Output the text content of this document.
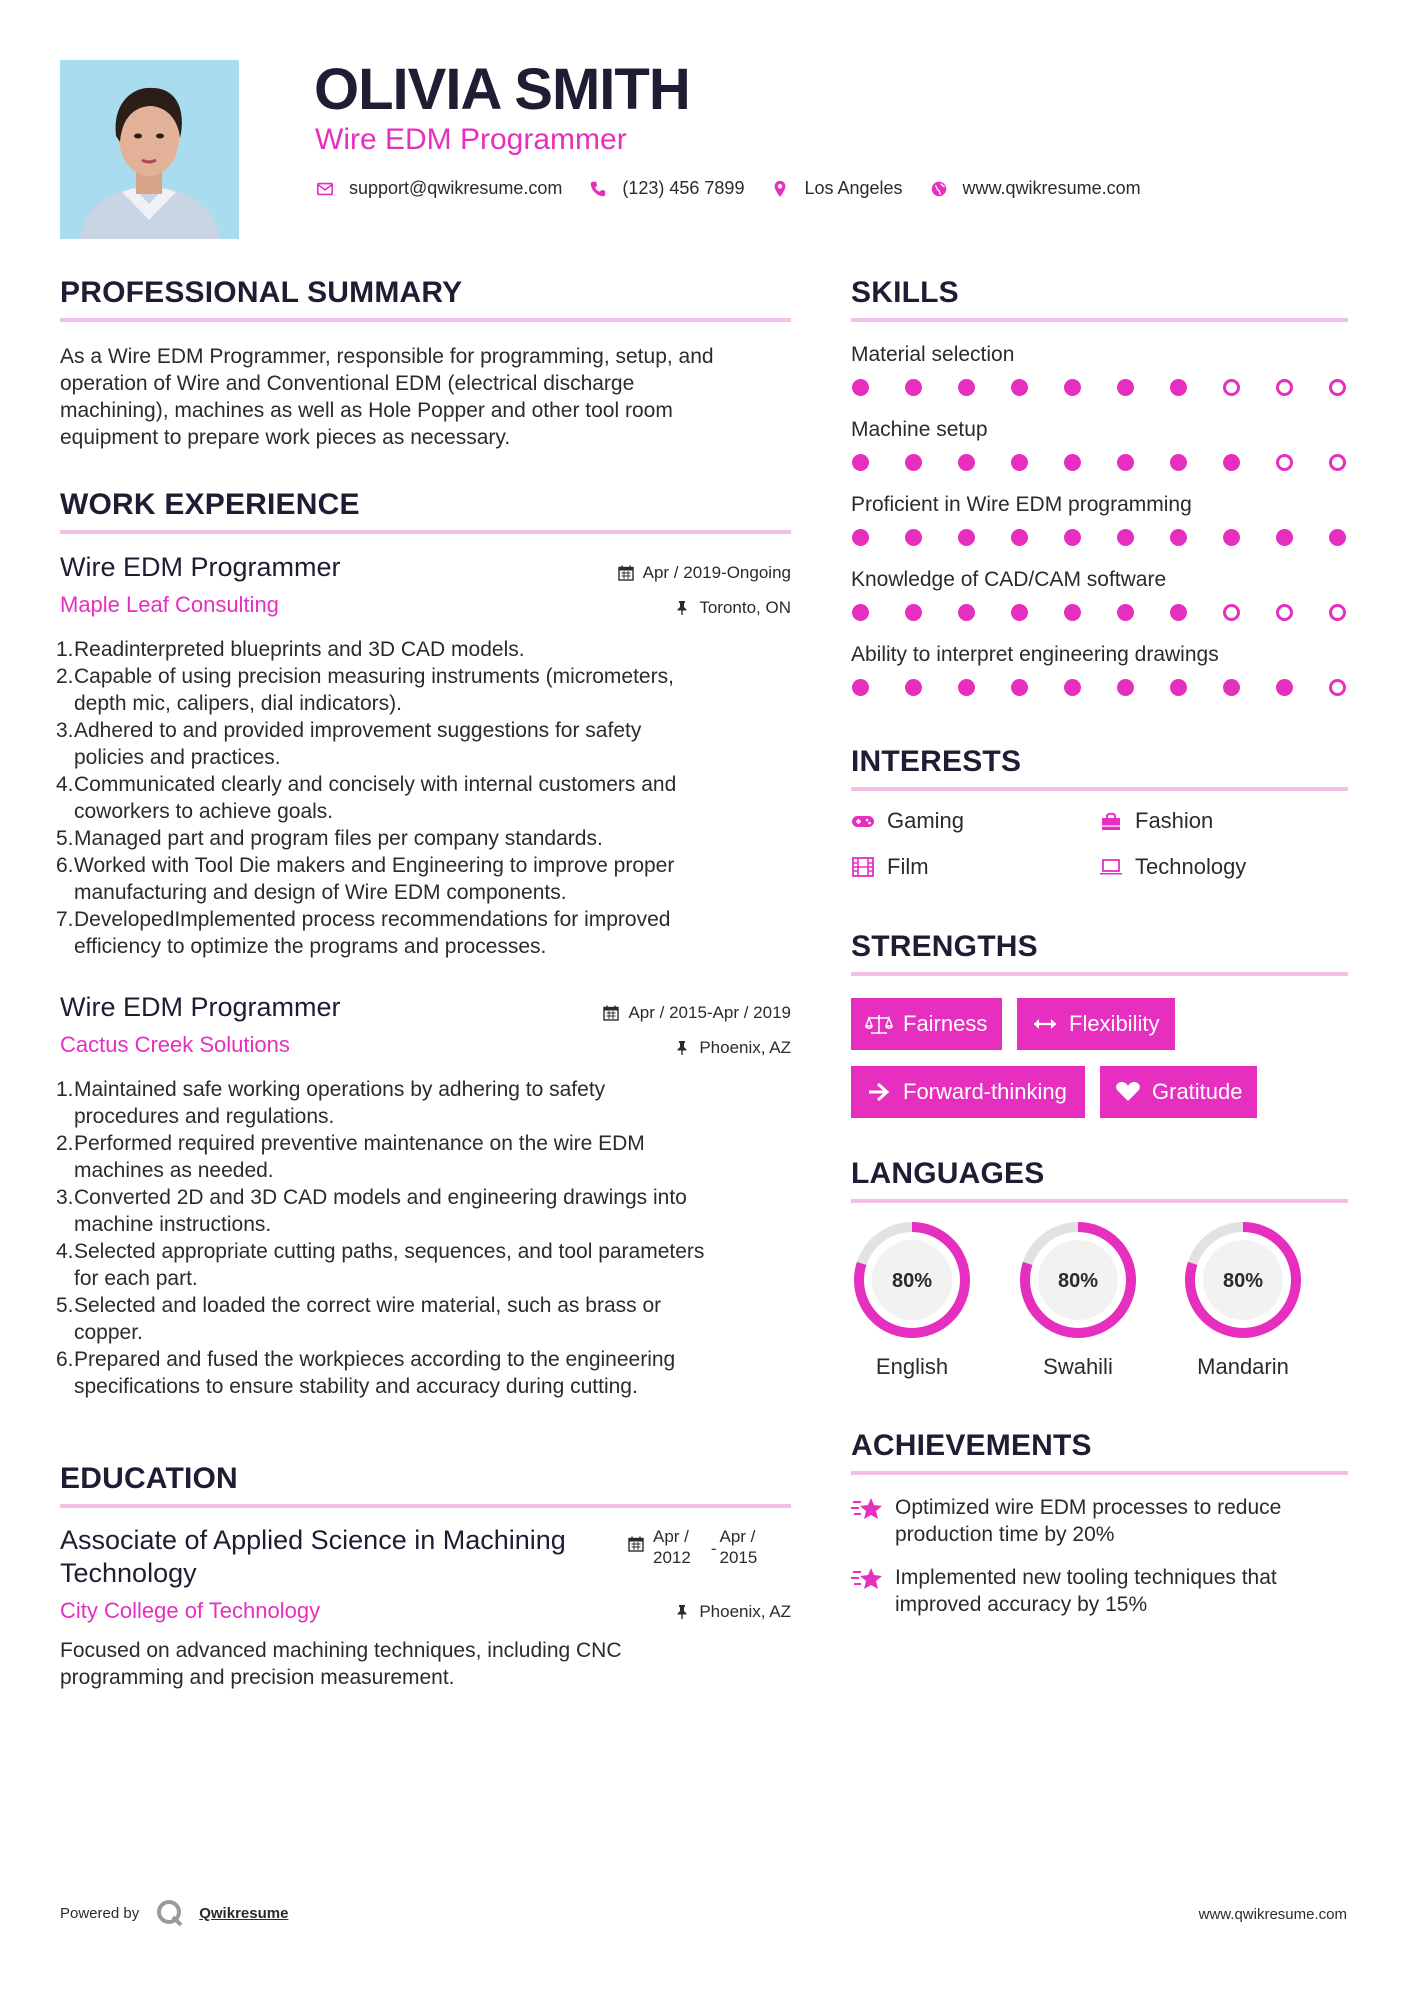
OLIVIA SMITH
Wire EDM Programmer
support@qwikresume.com	(123) 456 7899	Los Angeles	www.qwikresume.com
PROFESSIONAL SUMMARY
As a Wire EDM Programmer, responsible for programming, setup, and
operation of Wire and Conventional EDM (electrical discharge
machining), machines as well as Hole Popper and other tool room
equipment to prepare work pieces as necessary.
WORK EXPERIENCE
Wire EDM Programmer	Apr / 2019-Ongoing
Maple Leaf Consulting	Toronto, ON
1. Readinterpreted blueprints and 3D CAD models.
2. Capable of using precision measuring instruments (micrometers,
depth mic, calipers, dial indicators).
3. Adhered to and provided improvement suggestions for safety
policies and practices.
4. Communicated clearly and concisely with internal customers and
coworkers to achieve goals.
5. Managed part and program files per company standards.
6. Worked with Tool Die makers and Engineering to improve proper
manufacturing and design of Wire EDM components.
7. DevelopedImplemented process recommendations for improved
efficiency to optimize the programs and processes.
Wire EDM Programmer	Apr / 2015-Apr / 2019
Cactus Creek Solutions	Phoenix, AZ
1. Maintained safe working operations by adhering to safety
procedures and regulations.
2. Performed required preventive maintenance on the wire EDM
machines as needed.
3. Converted 2D and 3D CAD models and engineering drawings into
machine instructions.
4. Selected appropriate cutting paths, sequences, and tool parameters
for each part.
5. Selected and loaded the correct wire material, such as brass or
copper.
6. Prepared and fused the workpieces according to the engineering
specifications to ensure stability and accuracy during cutting.
EDUCATION
Associate of Applied Science in Machining
Technology
Apr /
2012 -
Apr /
2015
City College of Technology	Phoenix, AZ
Focused on advanced machining techniques, including CNC
programming and precision measurement.
SKILLS
Material selection
Machine setup
Proficient in Wire EDM programming
Knowledge of CAD/CAM software
Ability to interpret engineering drawings
INTERESTS
Gaming	Fashion
Film	Technology
STRENGTHS
Fairness	Flexibility
Forward-thinking	Gratitude
LANGUAGES
80%
English
80%
Swahili
80%
Mandarin
ACHIEVEMENTS
Optimized wire EDM processes to reduce
production time by 20%
Implemented new tooling techniques that
improved accuracy by 15%
Powered by	Qwikresume	www.qwikresume.com
